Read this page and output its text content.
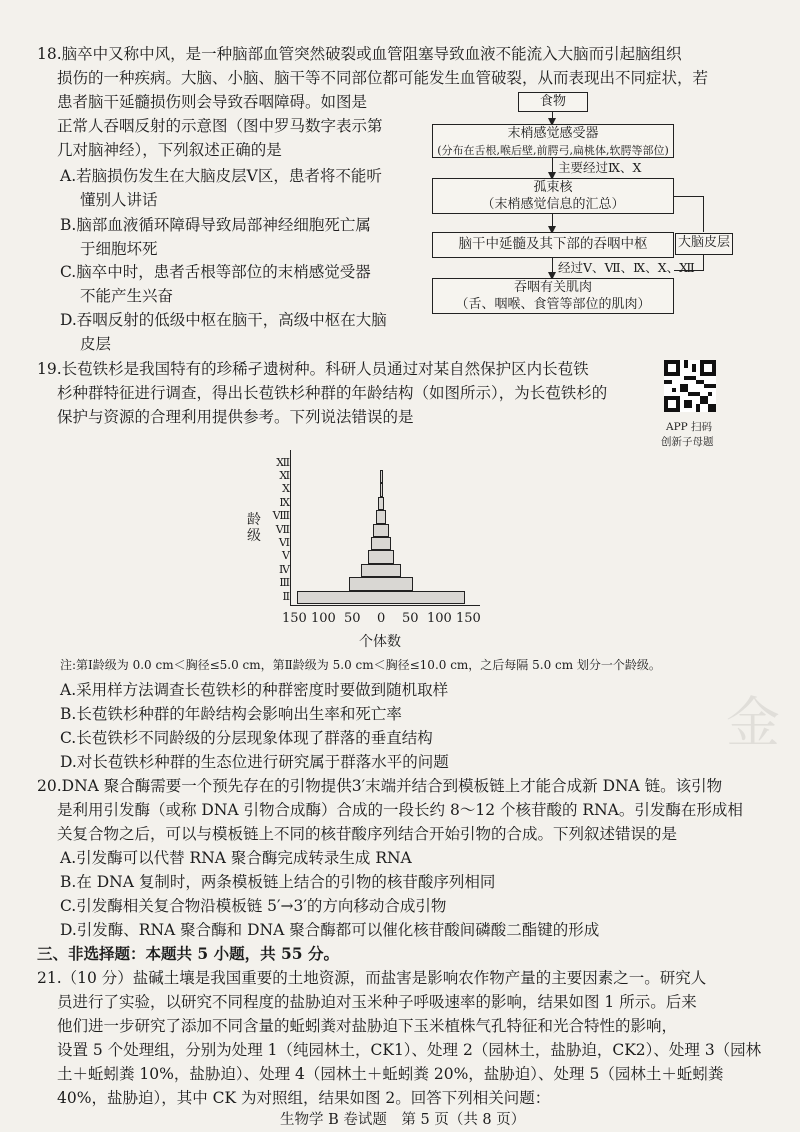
18.脑卒中又称中风，是一种脑部血管突然破裂或血管阻塞导致血液不能流入大脑而引起脑组织
损伤的一种疾病。大脑、小脑、脑干等不同部位都可能发生血管破裂，从而表现出不同症状，若
患者脑干延髓损伤则会导致吞咽障碍。如图是
正常人吞咽反射的示意图（图中罗马数字表示第
几对脑神经），下列叙述正确的是
A.若脑损伤发生在大脑皮层V区，患者将不能听
懂别人讲话
B.脑部血液循环障碍导致局部神经细胞死亡属
于细胞坏死
C.脑卒中时，患者舌根等部位的末梢感觉受器
不能产生兴奋
D.吞咽反射的低级中枢在脑干，高级中枢在大脑
皮层
食物
末梢感觉感受器
(分布在舌根,喉后壁,前腭弓,扁桃体,软腭等部位)
主要经过Ⅸ、Ⅹ
孤束核
（末梢感觉信息的汇总）
大脑皮层
脑干中延髓及其下部的吞咽中枢
经过Ⅴ、Ⅶ、Ⅸ、Ⅹ、Ⅻ
吞咽有关肌肉
（舌、咽喉、食管等部位的肌肉）
19.长苞铁杉是我国特有的珍稀孑遗树种。科研人员通过对某自然保护区内长苞铁
杉种群特征进行调查，得出长苞铁杉种群的年龄结构（如图所示），为长苞铁杉的
保护与资源的合理利用提供参考。下列说法错误的是
APP 扫码
创新子母题
龄级
Ⅱ
Ⅲ
Ⅳ
Ⅴ
Ⅵ
Ⅶ
Ⅷ
Ⅸ
Ⅹ
Ⅺ
Ⅻ
150 100 50 0 50 100 150
个体数
注:第Ⅰ龄级为 0.0 cm＜胸径≤5.0 cm，第Ⅱ龄级为 5.0 cm＜胸径≤10.0 cm，之后每隔 5.0 cm 划分一个龄级。
A.采用样方法调查长苞铁杉的种群密度时要做到随机取样
B.长苞铁杉种群的年龄结构会影响出生率和死亡率
C.长苞铁杉不同龄级的分层现象体现了群落的垂直结构
D.对长苞铁杉种群的生态位进行研究属于群落水平的问题
金
20.DNA 聚合酶需要一个预先存在的引物提供3′末端并结合到模板链上才能合成新 DNA 链。该引物
是利用引发酶（或称 DNA 引物合成酶）合成的一段长约 8～12 个核苷酸的 RNA。引发酶在形成相
关复合物之后，可以与模板链上不同的核苷酸序列结合开始引物的合成。下列叙述错误的是
A.引发酶可以代替 RNA 聚合酶完成转录生成 RNA
B.在 DNA 复制时，两条模板链上结合的引物的核苷酸序列相同
C.引发酶相关复合物沿模板链 5′→3′的方向移动合成引物
D.引发酶、RNA 聚合酶和 DNA 聚合酶都可以催化核苷酸间磷酸二酯键的形成
三、非选择题：本题共 5 小题，共 55 分。
21.（10 分）盐碱土壤是我国重要的土地资源，而盐害是影响农作物产量的主要因素之一。研究人
员进行了实验，以研究不同程度的盐胁迫对玉米种子呼吸速率的影响，结果如图 1 所示。后来
他们进一步研究了添加不同含量的蚯蚓粪对盐胁迫下玉米植株气孔特征和光合特性的影响，
设置 5 个处理组，分别为处理 1（纯园林土，CK1）、处理 2（园林土，盐胁迫，CK2）、处理 3（园林
土＋蚯蚓粪 10%，盐胁迫）、处理 4（园林土＋蚯蚓粪 20%，盐胁迫）、处理 5（园林土＋蚯蚓粪
40%，盐胁迫），其中 CK 为对照组，结果如图 2。回答下列相关问题：
生物学 B 卷试题　第 5 页（共 8 页）
